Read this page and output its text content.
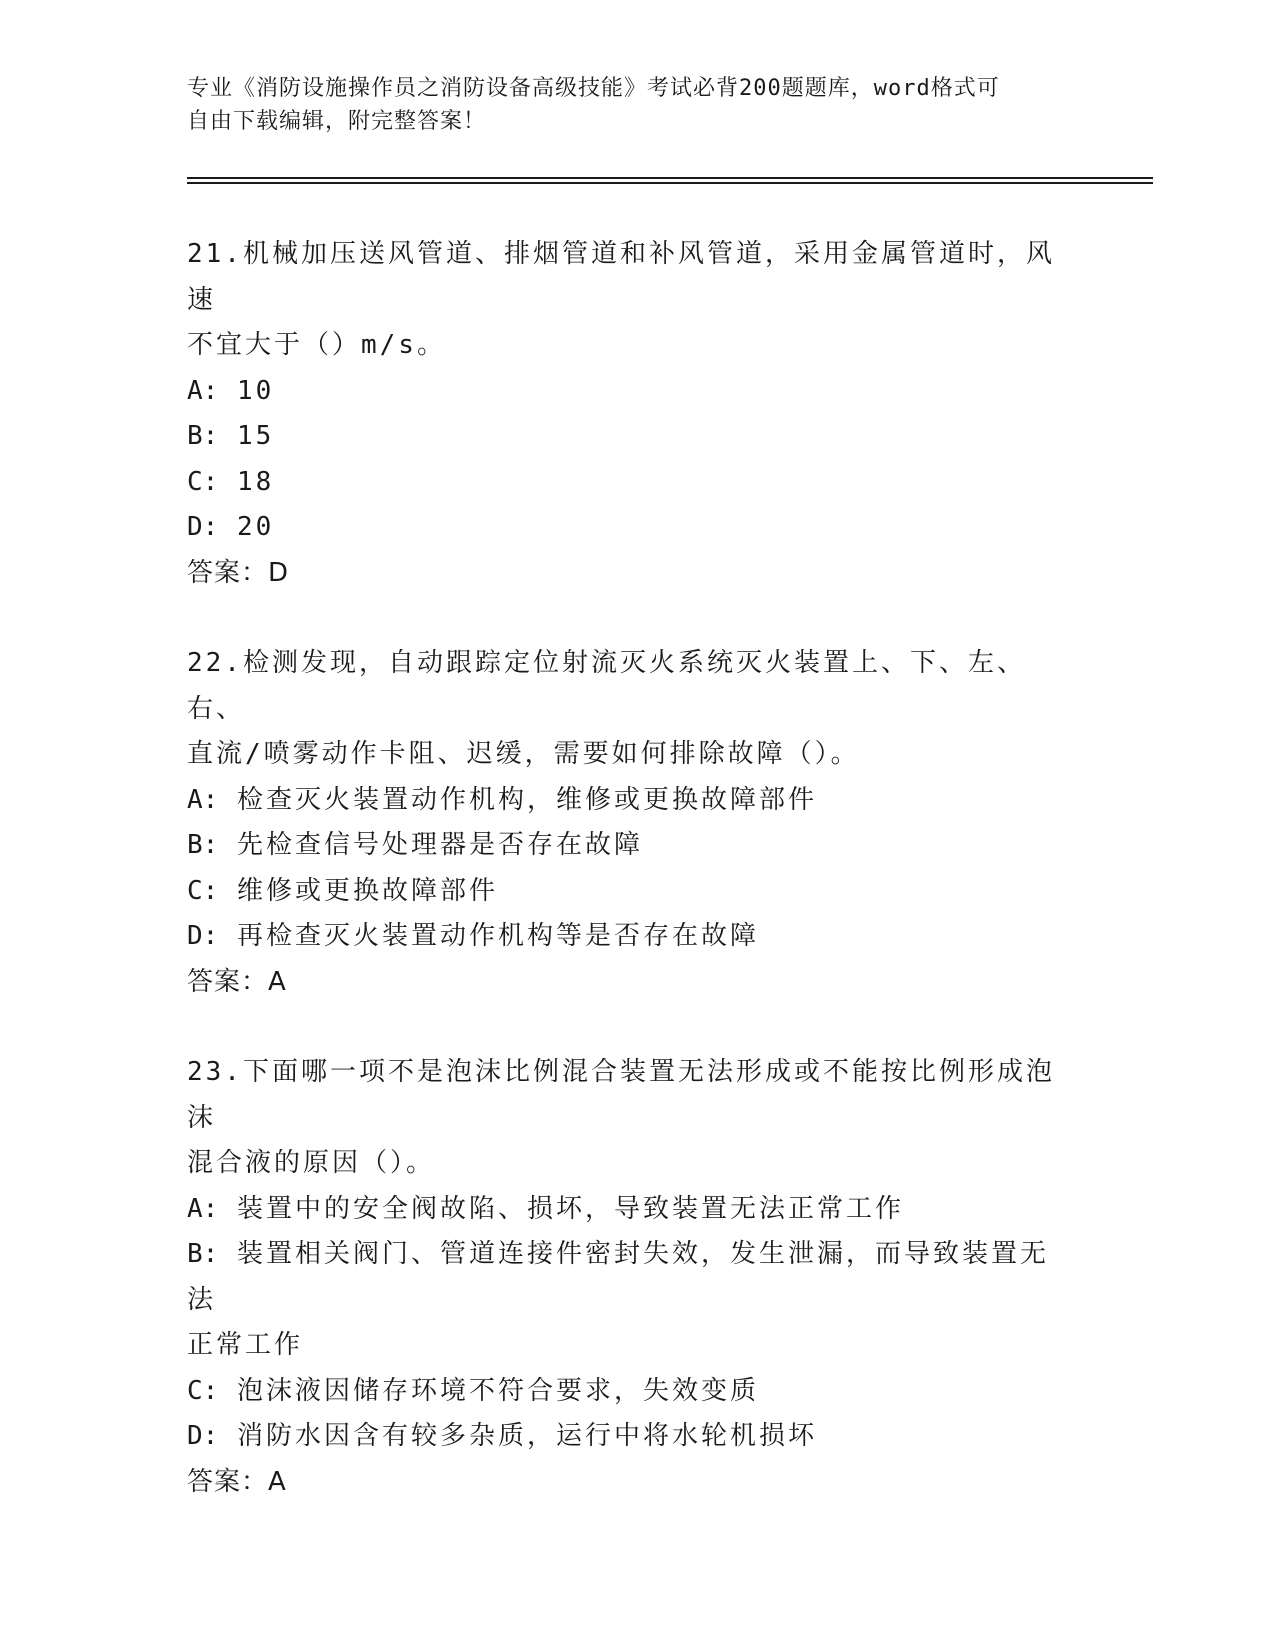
专业《消防设施操作员之消防设备高级技能》考试必背200题题库，word格式可
自由下载编辑，附完整答案！

21.机械加压送风管道、排烟管道和补风管道，采用金属管道时，风速

不宜大于（）m/s。

A: 10

B: 15

C: 18

D: 20

答案：D

22.检测发现，自动跟踪定位射流灭火系统灭火装置上、下、左、右、

直流/喷雾动作卡阻、迟缓，需要如何排除故障（）。

A: 检查灭火装置动作机构，维修或更换故障部件

B: 先检查信号处理器是否存在故障

C: 维修或更换故障部件

D: 再检查灭火装置动作机构等是否存在故障

答案：A

23.下面哪一项不是泡沫比例混合装置无法形成或不能按比例形成泡沫

混合液的原因（）。

A: 装置中的安全阀故陷、损坏，导致装置无法正常工作

B: 装置相关阀门、管道连接件密封失效，发生泄漏，而导致装置无法

正常工作

C: 泡沫液因储存环境不符合要求，失效变质

D: 消防水因含有较多杂质，运行中将水轮机损坏

答案：A
